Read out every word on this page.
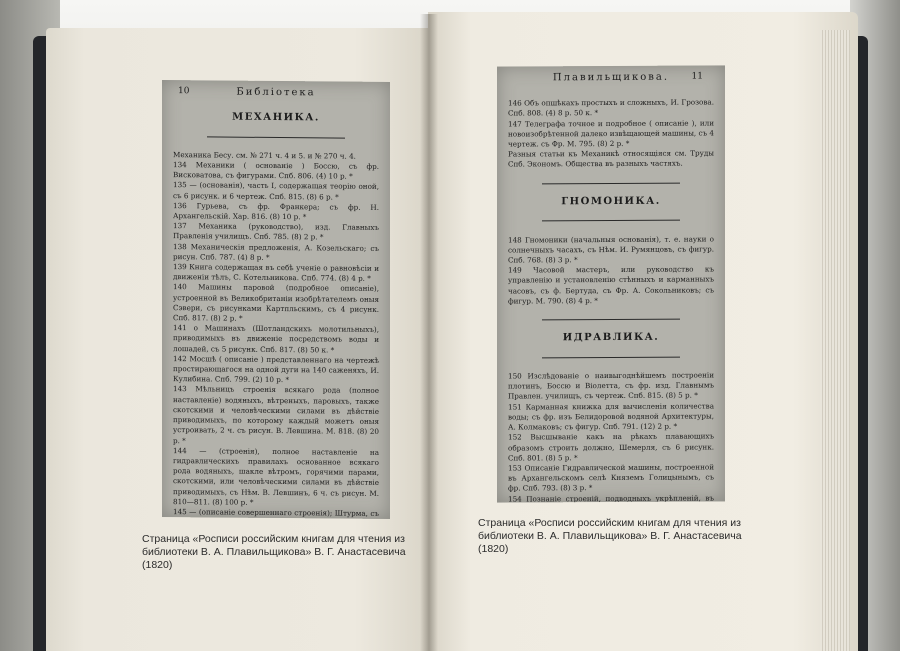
10	Библiотека

МЕХАНИКА.

Механика Бесу. см. № 271 ч. 4 и 5. и № 270 ч. 4.
134 Механики ( основанiе ) Боссю, съ фр. Висковатова, съ фигурами. Спб. 806. (4) 10 р. *
135 — (основанiя), часть I, содержащая теорiю оной, съ 6 рисунк. и 6 чертеж. Спб. 815. (8) 6 р. *
136 Гурьева, съ фр. Франкера; съ фр. Н. Архангельскiй. Хар. 816. (8) 10 р. *
137 Механика (руководство), изд. Главныхъ Правленiя училищъ. Спб. 785. (8) 2 р. *
138 Механическiя предложенiя, А. Козельскаго; съ рисун. Спб. 787. (4) 8 р. *
139 Книга содержащая въ себѣ ученiе о равновѣсiи и движенiи тѣлъ, С. Котельникова. Спб. 774. (8) 4 р. *
140 Машины паровой (подробное описанiе), устроенной въ Великобританiи изобрѣтателемъ оныя Сэвери, съ рисунками Картпльскимъ, съ 4 рисунк. Спб. 817. (8) 2 р. *
141 о Машинахъ (Шотландскихъ молотильныхъ), приводимыхъ въ движенiе посредствомъ воды и лошадей, съ 5 рисунк. Спб. 817. (8) 50 к. *
142 Мосшѣ ( описанiе ) представленнаго на чертежѣ простирающагося на одной дуги на 140 саженяхъ, И. Кулибина. Спб. 799. (2) 10 р. *
143 Мѣльницъ строенiя всякаго рода (полное наставленiе) водяныхъ, вѣтреныхъ, паровыхъ, также скотскими и человѣческими силами въ дѣйствiе приводимыхъ, по которому каждый можетъ оныя устроивать, 2 ч. съ рисун. В. Левшина. М. 818. (8) 20 р. *
144 — (строенiя), полное наставленiе на гидравлическихъ правилахъ основанное всякаго рода водяныхъ, шаклe вѣтромъ, горячими парами, скотскими, или человѣческими силами въ дѣйствiе приводимыхъ, съ Нѣм. В. Левшинъ, 6 ч. съ рисун. М. 810—811. (8) 100 р. *
145 — (описанiе совершеннаго строенiя); Штурма, съ

Страница «Росписи российским книгам для чтения из библиотеки В. А. Плавильщикова» В. Г. Анастасевича (1820)

11
Плавильщикова.

146 Объ опшѣкахъ простыхъ и сложныхъ, И. Грозова. Спб. 808. (4) 8 р. 50 к. *
147 Телеграфа точное и подробное ( описанiе ), или новоизобрѣтенной далеко извѣщающей машины, съ 4 чертеж. съ Фр. М. 795. (8) 2 р. *
Разныя статьи къ Механикѣ относящiяся см. Труды Спб. Экономъ. Общества въ разныхъ частяхъ.

ГНОМОНИКА.

148 Гномоники (начальныя основанiя), т. е. науки о солнечныхъ часахъ, съ Нѣм. И. Румянцовъ, съ фигур. Спб. 768. (8) 3 р. *
149 Часовой мастеръ, или руководство къ управленiю и установленiю стѣнныхъ и карманныхъ часовъ, съ ф. Бертуда, съ Фр. А. Сокольниковъ; съ фигур. М. 790. (8) 4 р. *

ИДРАВЛИКА.

150 Изслѣдованiе о наивыгоднѣйшемъ построенiи плотинъ, Боссю и Віолетта, съ фр. изд. Главнымъ Правлен. училищъ, съ чертеж. Спб. 815. (8) 5 р. *
151 Карманная книжка для вычисленiя количества воды; съ фр. изъ Белидоровой водяной Архитектуры, А. Колмаковъ; съ фигур. Спб. 791. (12) 2 р. *
152 Высшыванiе какъ на рѣкахъ плавающихъ образомъ строить должно, Шемерля, съ 6 рисунк. Спб. 801. (8) 5 р. *
153 Описанiе Гидравлической машины, построенной въ Архангельскомъ селѣ Княземъ Голицынымъ, съ фр. Спб. 793. (8) 3 р. *
154 Познанiе строенiй, подводныхъ укрѣпленiй, въ

Страница «Росписи российским книгам для чтения из библиотеки В. А. Плавильщикова» В. Г. Анастасевича (1820)
